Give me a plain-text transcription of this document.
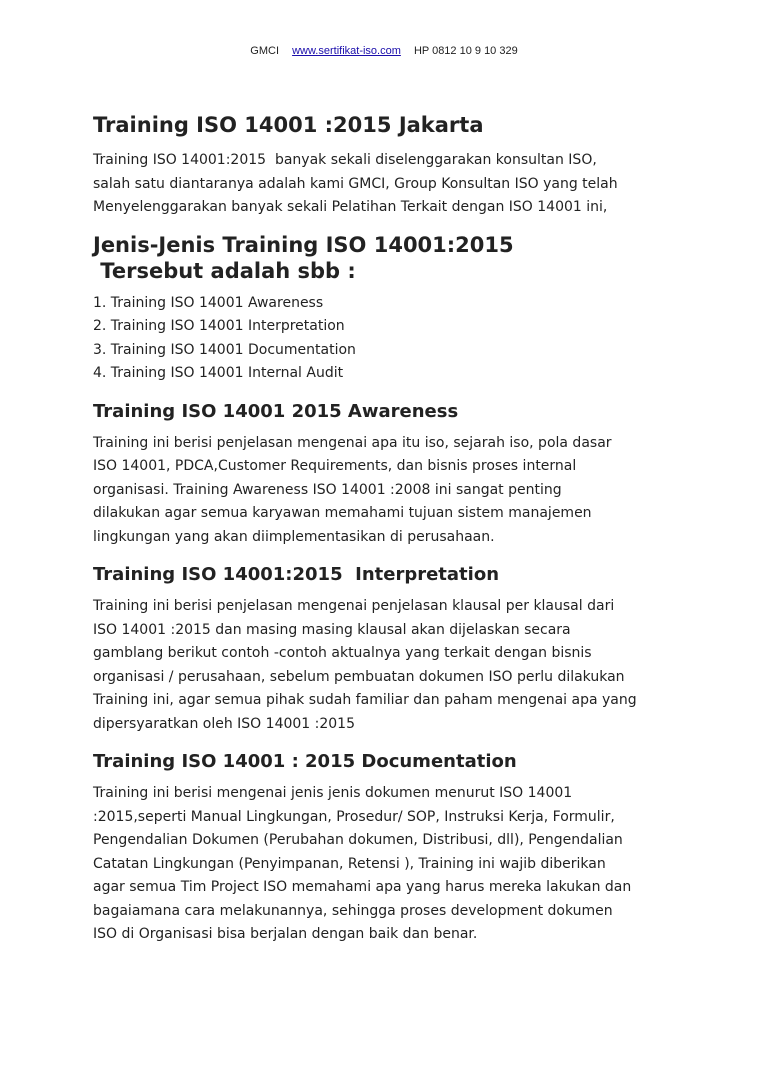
GMCI www.sertifikat-iso.com HP 0812 10 9 10 329
Training ISO 14001 :2015 Jakarta

Training ISO 14001:2015  banyak sekali diselenggarakan konsultan ISO,
salah satu diantaranya adalah kami GMCI, Group Konsultan ISO yang telah
Menyelenggarakan banyak sekali Pelatihan Terkait dengan ISO 14001 ini,

Jenis-Jenis Training ISO 14001:2015
Tersebut adalah sbb :
1. Training ISO 14001 Awareness
2. Training ISO 14001 Interpretation
3. Training ISO 14001 Documentation
4. Training ISO 14001 Internal Audit
Training ISO 14001 2015 Awareness

Training ini berisi penjelasan mengenai apa itu iso, sejarah iso, pola dasar
ISO 14001, PDCA,Customer Requirements, dan bisnis proses internal
organisasi. Training Awareness ISO 14001 :2008 ini sangat penting
dilakukan agar semua karyawan memahami tujuan sistem manajemen
lingkungan yang akan diimplementasikan di perusahaan.

Training ISO 14001:2015  Interpretation

Training ini berisi penjelasan mengenai penjelasan klausal per klausal dari
ISO 14001 :2015 dan masing masing klausal akan dijelaskan secara
gamblang berikut contoh -contoh aktualnya yang terkait dengan bisnis
organisasi / perusahaan, sebelum pembuatan dokumen ISO perlu dilakukan
Training ini, agar semua pihak sudah familiar dan paham mengenai apa yang
dipersyaratkan oleh ISO 14001 :2015

Training ISO 14001 : 2015 Documentation

Training ini berisi mengenai jenis jenis dokumen menurut ISO 14001
:2015,seperti Manual Lingkungan, Prosedur/ SOP, Instruksi Kerja, Formulir,
Pengendalian Dokumen (Perubahan dokumen, Distribusi, dll), Pengendalian
Catatan Lingkungan (Penyimpanan, Retensi ), Training ini wajib diberikan
agar semua Tim Project ISO memahami apa yang harus mereka lakukan dan
bagaiamana cara melakunannya, sehingga proses development dokumen
ISO di Organisasi bisa berjalan dengan baik dan benar.
